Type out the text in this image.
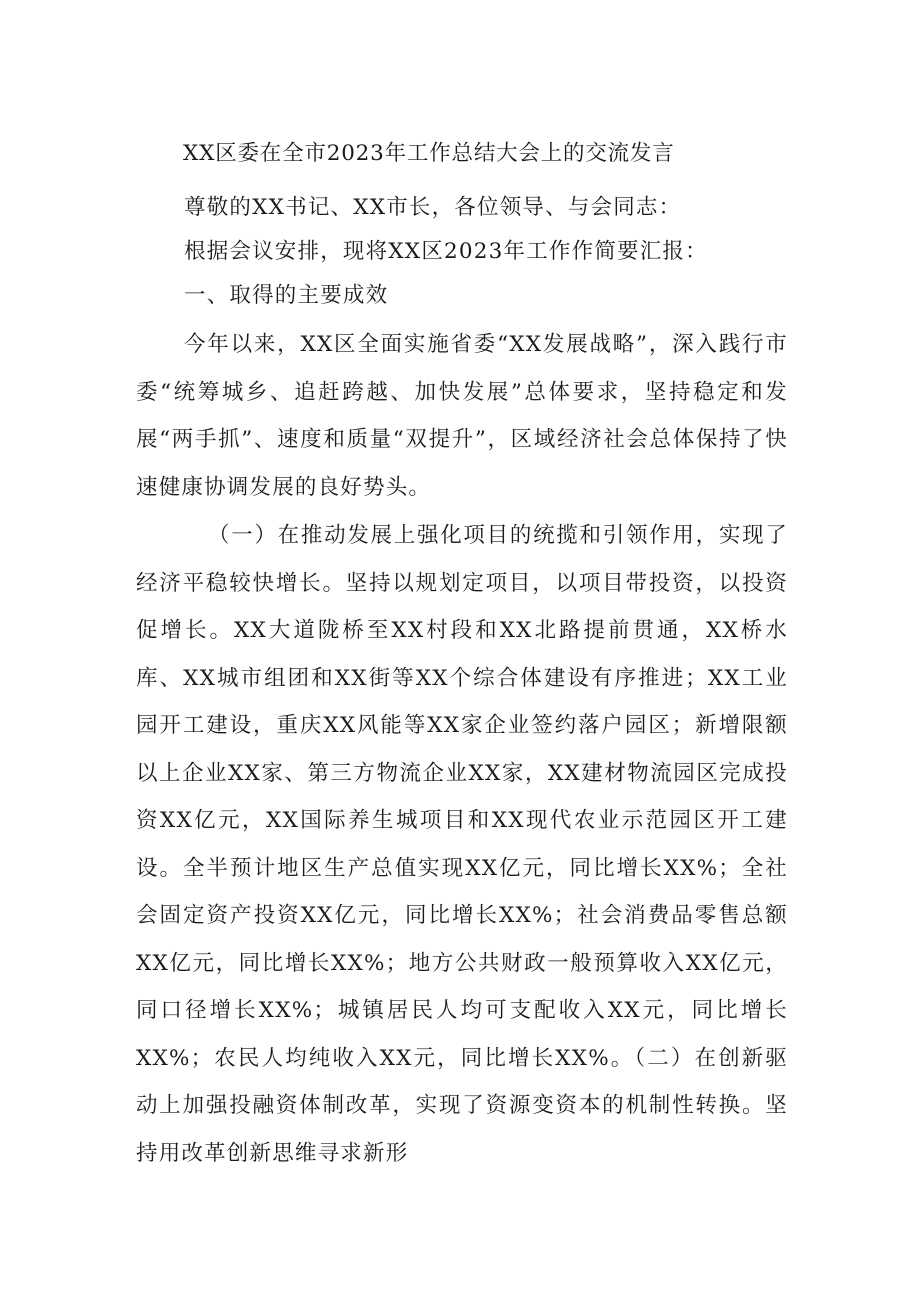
XX区委在全市2023年工作总结大会上的交流发言

尊敬的XX书记、XX市长，各位领导、与会同志：

根据会议安排，现将XX区2023年工作作简要汇报：

一、取得的主要成效

今年以来，XX区全面实施省委“XX发展战略”，深入践行市委“统筹城乡、追赶跨越、加快发展”总体要求，坚持稳定和发展“两手抓”、速度和质量“双提升”，区域经济社会总体保持了快速健康协调发展的良好势头。

（一）在推动发展上强化项目的统揽和引领作用，实现了经济平稳较快增长。坚持以规划定项目，以项目带投资，以投资促增长。XX大道陇桥至XX村段和XX北路提前贯通，XX桥水库、XX城市组团和XX街等XX个综合体建设有序推进；XX工业园开工建设，重庆XX风能等XX家企业签约落户园区；新增限额以上企业XX家、第三方物流企业XX家，XX建材物流园区完成投资XX亿元，XX国际养生城项目和XX现代农业示范园区开工建设。全半预计地区生产总值实现XX亿元，同比增长XX%；全社会固定资产投资XX亿元，同比增长XX%；社会消费品零售总额XX亿元，同比增长XX%；地方公共财政一般预算收入XX亿元，同口径增长XX%；城镇居民人均可支配收入XX元，同比增长XX%；农民人均纯收入XX元，同比增长XX%。（二）在创新驱动上加强投融资体制改革，实现了资源变资本的机制性转换。坚持用改革创新思维寻求新形
